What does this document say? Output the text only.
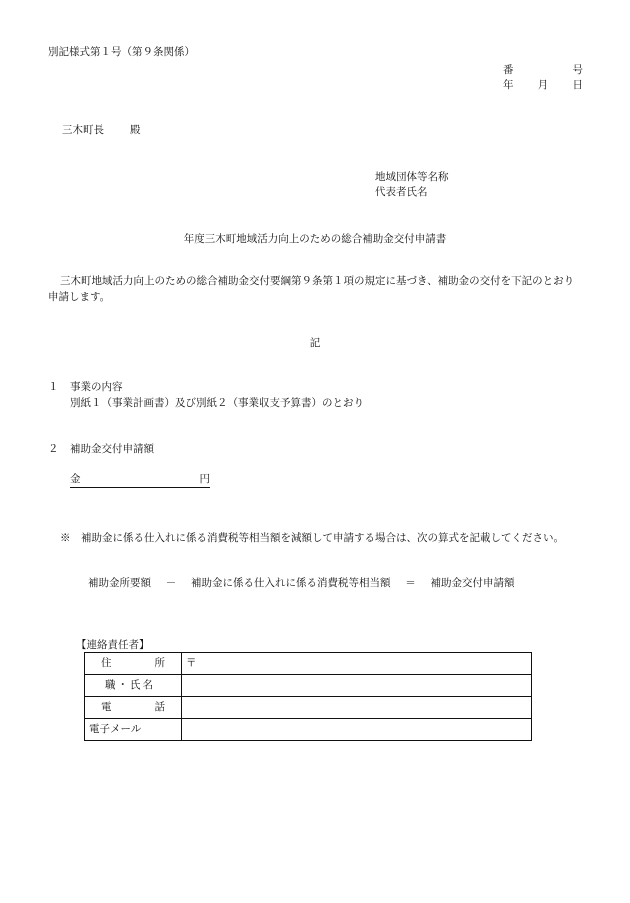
別記様式第１号（第９条関係）
番	号
年 月 日
三木町長 殿
地域団体等名称
代表者氏名
年度三木町地域活力向上のための総合補助金交付申請書
三木町地域活力向上のための総合補助金交付要綱第９条第１項の規定に基づき、補助金の交付を下記のとおり申請します。
記
１ 事業の内容
別紙１（事業計画書）及び別紙２（事業収支予算書）のとおり
２ 補助金交付申請額
金	円
※　補助金に係る仕入れに係る消費税等相当額を減額して申請する場合は、次の算式を記載してください。
補助金所要額	－	補助金に係る仕入れに係る消費税等相当額	＝	補助金交付申請額
【連絡責任者】
住 所	〒

職・氏名	

電 話	

電子メール	
